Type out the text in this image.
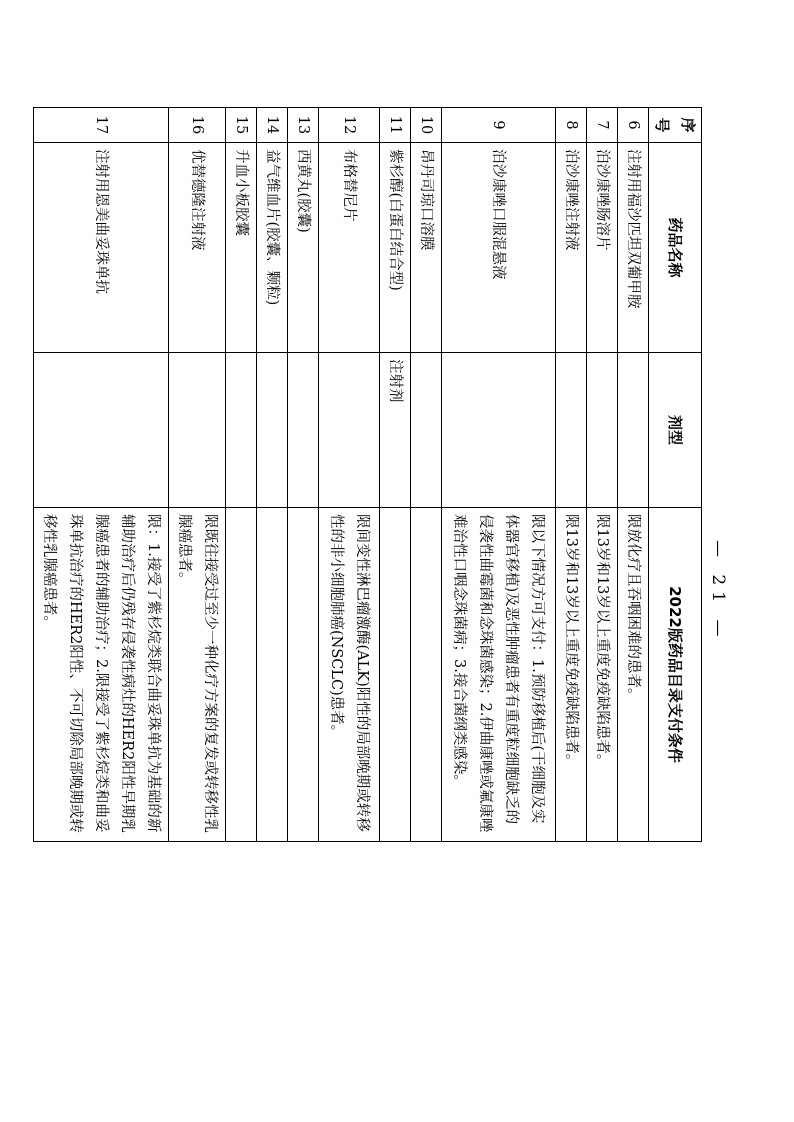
序号	药品名称	剂型	2022版药品目录支付条件
6	注射用福沙匹坦双葡甲胺		限放化疗且吞咽困难的患者。
7	泊沙康唑肠溶片		限13岁和13岁以上重度免疫缺陷患者。
8	泊沙康唑注射液		限13岁和13岁以上重度免疫缺陷患者。
9	泊沙康唑口服混悬液		限以下情况方可支付：1.预防移植后(干细胞及实体器官移植)及恶性肿瘤患者有重度粒细胞缺乏的侵袭性曲霉菌和念珠菌感染；2.伊曲康唑或氟康唑难治性口咽念珠菌病；3.接合菌纲类感染。
10	昂丹司琼口溶膜		
11	紫杉醇(白蛋白结合型)	注射剂	
12	布格替尼片		限间变性淋巴瘤激酶(ALK)阳性的局部晚期或转移性的非小细胞肺癌(NSCLC)患者。
13	西黄丸(胶囊)		
14	益气维血片(胶囊、颗粒)		
15	升血小板胶囊		
16	优替德隆注射液		限既往接受过至少一种化疗方案的复发或转移性乳腺癌患者。
17	注射用恩美曲妥珠单抗		限：1.接受了紫杉烷类联合曲妥珠单抗为基础的新辅助治疗后仍残存侵袭性病灶的HER2阳性早期乳腺癌患者的辅助治疗；2.限接受了紫杉烷类和曲妥珠单抗治疗的HER2阳性、不可切除局部晚期或转移性乳腺癌患者。	— 21 —
